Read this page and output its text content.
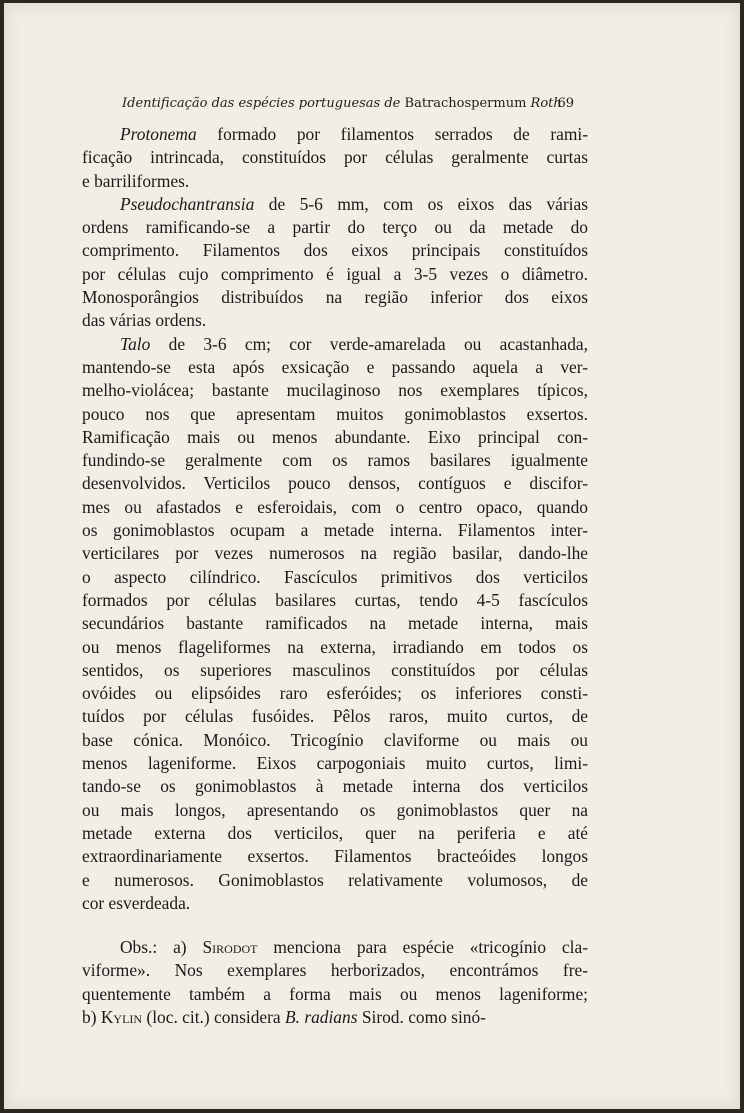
Identificação das espécies portuguesas de Batrachospermum Roth
69
Protonema formado por filamentos serrados de rami-
ficação intrincada, constituídos por células geralmente curtas
e barriliformes.
Pseudochantransia de 5-6 mm, com os eixos das várias
ordens ramificando-se a partir do terço ou da metade do
comprimento. Filamentos dos eixos principais constituídos
por células cujo comprimento é igual a 3-5 vezes o diâmetro.
Monosporângios distribuídos na região inferior dos eixos
das várias ordens.
Talo de 3-6 cm; cor verde-amarelada ou acastanhada,
mantendo-se esta após exsicação e passando aquela a ver-
melho-violácea; bastante mucilaginoso nos exemplares típicos,
pouco nos que apresentam muitos gonimoblastos exsertos.
Ramificação mais ou menos abundante. Eixo principal con-
fundindo-se geralmente com os ramos basilares igualmente
desenvolvidos. Verticilos pouco densos, contíguos e discifor-
mes ou afastados e esferoidais, com o centro opaco, quando
os gonimoblastos ocupam a metade interna. Filamentos inter-
verticilares por vezes numerosos na região basilar, dando-lhe
o aspecto cilíndrico. Fascículos primitivos dos verticilos
formados por células basilares curtas, tendo 4-5 fascículos
secundários bastante ramificados na metade interna, mais
ou menos flageliformes na externa, irradiando em todos os
sentidos, os superiores masculinos constituídos por células
ovóides ou elipsóides raro esferóides; os inferiores consti-
tuídos por células fusóides. Pêlos raros, muito curtos, de
base cónica. Monóico. Tricogínio claviforme ou mais ou
menos lageniforme. Eixos carpogoniais muito curtos, limi-
tando-se os gonimoblastos à metade interna dos verticilos
ou mais longos, apresentando os gonimoblastos quer na
metade externa dos verticilos, quer na periferia e até
extraordinariamente exsertos. Filamentos bracteóides longos
e numerosos. Gonimoblastos relativamente volumosos, de
cor esverdeada.
Obs.: a) Sirodot menciona para espécie «tricogínio cla-
viforme». Nos exemplares herborizados, encontrámos fre-
quentemente também a forma mais ou menos lageniforme;
b) Kylin (loc. cit.) considera B. radians Sirod. como sinó-
